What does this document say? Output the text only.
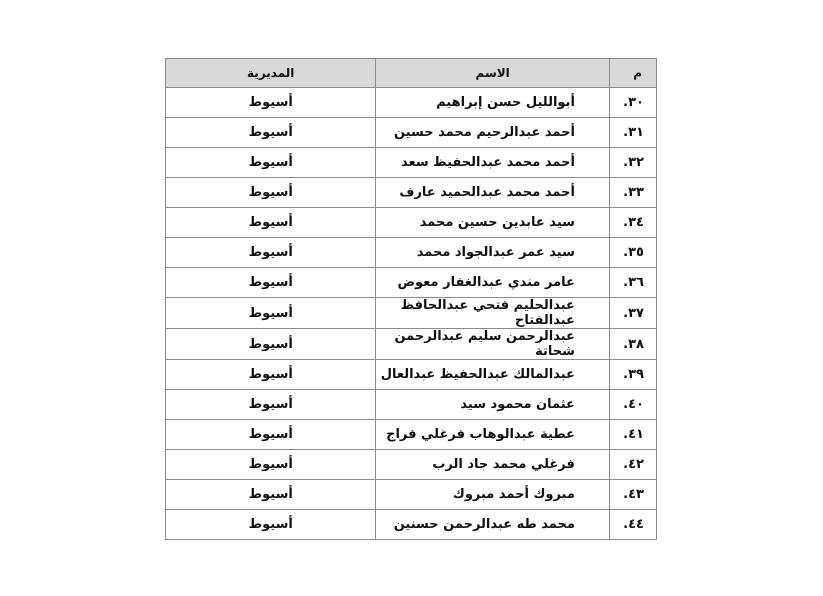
م	الاسم	المديرية
٣٠.	أبوالليل حسن إبراهيم	أسيوط
٣١.	أحمد عبدالرحيم محمد حسين	أسيوط
٣٢.	أحمد محمد عبدالحفيظ سعد	أسيوط
٣٣.	أحمد محمد عبدالحميد عارف	أسيوط
٣٤.	سيد عابدين حسين محمد	أسيوط
٣٥.	سيد عمر عبدالجواد محمد	أسيوط
٣٦.	عامر مندي عبدالغفار معوض	أسيوط
٣٧.	عبدالحليم فتحي عبدالحافظ عبدالفتاح	أسيوط
٣٨.	عبدالرحمن سليم عبدالرحمن شحاتة	أسيوط
٣٩.	عبدالمالك عبدالحفيظ عبدالعال	أسيوط
٤٠.	عثمان محمود سيد	أسيوط
٤١.	عطية عبدالوهاب فرغلي فراج	أسيوط
٤٢.	فرغلي محمد جاد الرب	أسيوط
٤٣.	مبروك أحمد مبروك	أسيوط
٤٤.	محمد طه عبدالرحمن حسنين	أسيوط
